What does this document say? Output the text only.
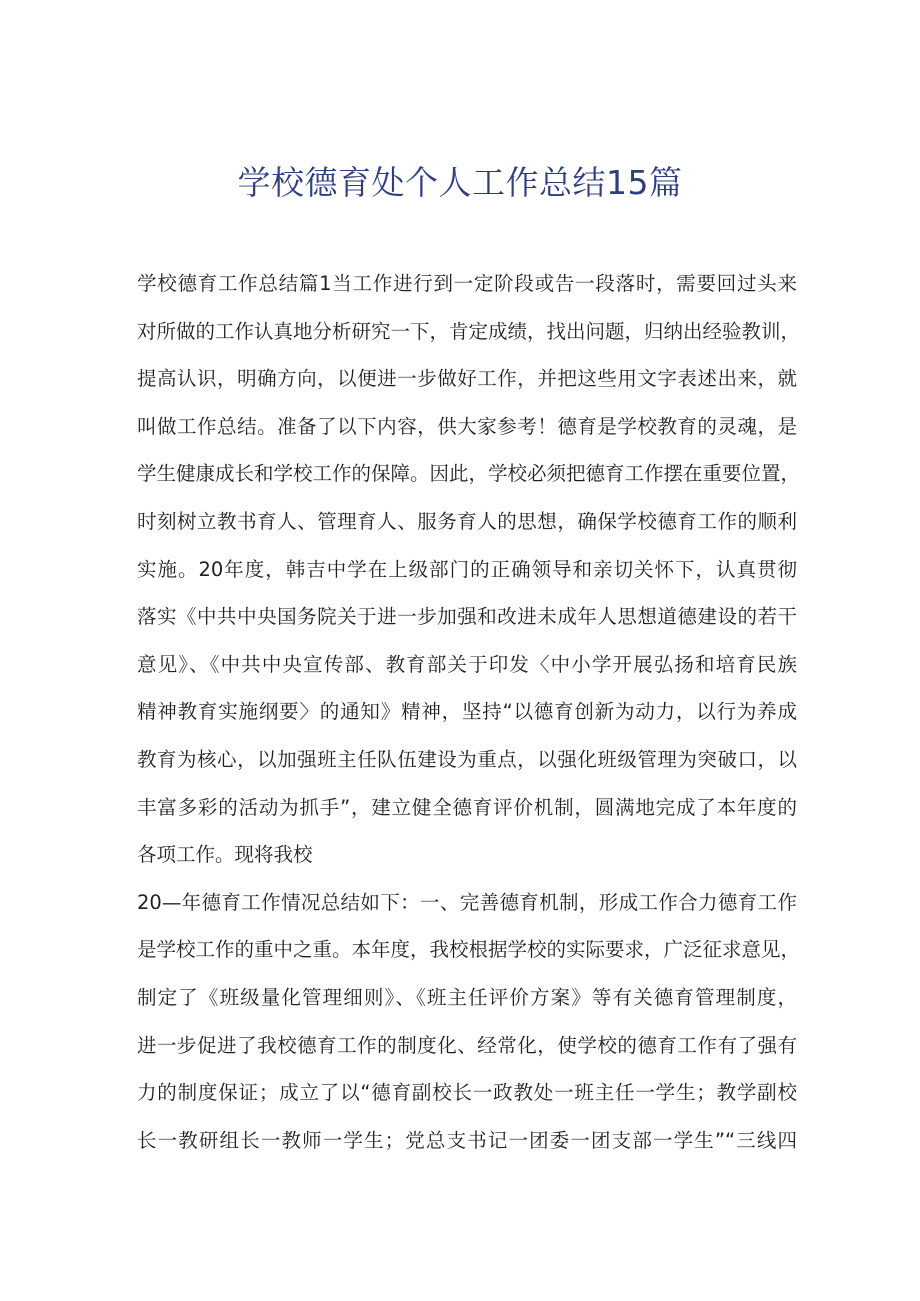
学校德育处个人工作总结15篇
学校德育工作总结篇1当工作进行到一定阶段或告一段落时，需要回过头来
对所做的工作认真地分析研究一下，肯定成绩，找出问题，归纳出经验教训，
提高认识，明确方向，以便进一步做好工作，并把这些用文字表述出来，就
叫做工作总结。准备了以下内容，供大家参考！德育是学校教育的灵魂，是
学生健康成长和学校工作的保障。因此，学校必须把德育工作摆在重要位置，
时刻树立教书育人、管理育人、服务育人的思想，确保学校德育工作的顺利
实施。20年度，韩吉中学在上级部门的正确领导和亲切关怀下，认真贯彻
落实《中共中央国务院关于进一步加强和改进未成年人思想道德建设的若干
意见》、《中共中央宣传部、教育部关于印发〈中小学开展弘扬和培育民族
精神教育实施纲要〉的通知》精神，坚持“以德育创新为动力，以行为养成
教育为核心，以加强班主任队伍建设为重点，以强化班级管理为突破口，以
丰富多彩的活动为抓手”，建立健全德育评价机制，圆满地完成了本年度的
各项工作。现将我校
20—年德育工作情况总结如下：一、完善德育机制，形成工作合力德育工作
是学校工作的重中之重。本年度，我校根据学校的实际要求，广泛征求意见，
制定了《班级量化管理细则》、《班主任评价方案》等有关德育管理制度，
进一步促进了我校德育工作的制度化、经常化，使学校的德育工作有了强有
力的制度保证；成立了以“德育副校长一政教处一班主任一学生；教学副校
长一教研组长一教师一学生；党总支书记一团委一团支部一学生”“三线四
